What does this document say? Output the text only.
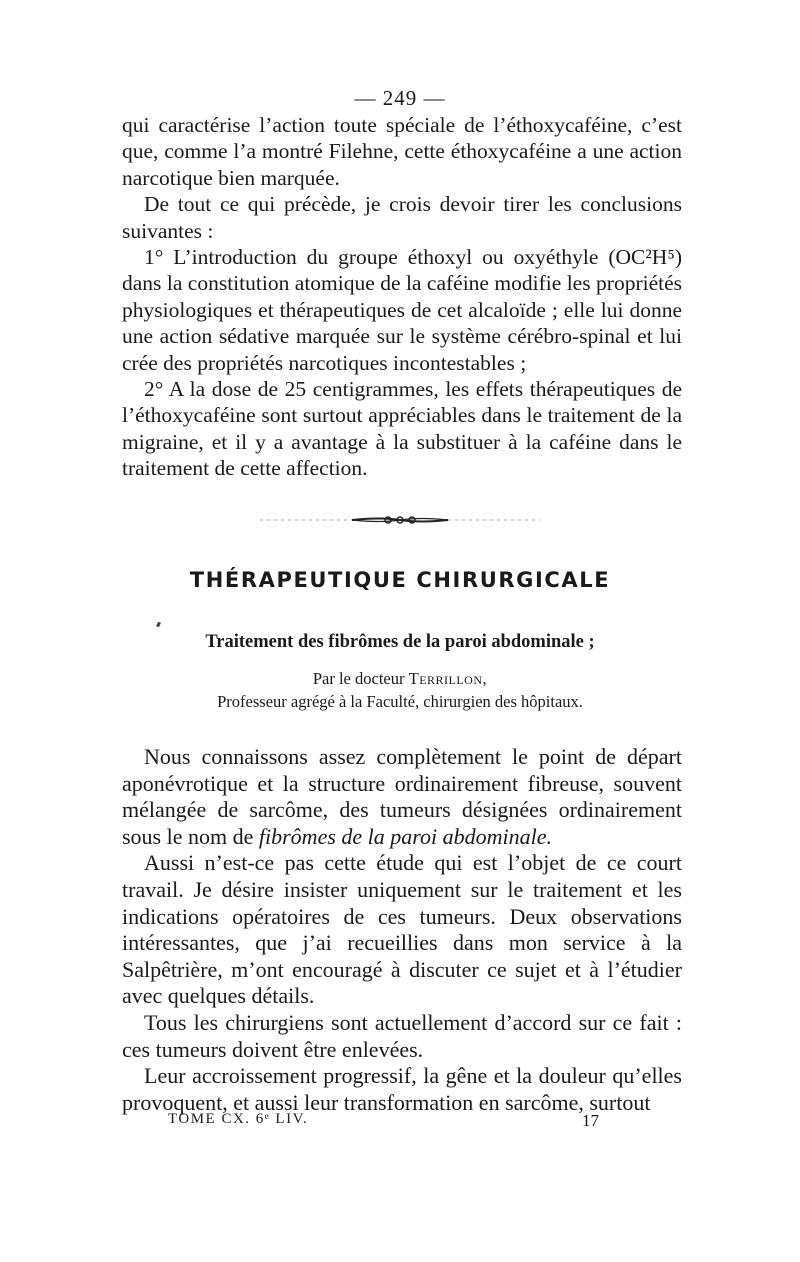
— 249 —

qui caractérise l’action toute spéciale de l’éthoxycaféine, c’est que, comme l’a montré Filehne, cette éthoxycaféine a une action narcotique bien marquée.

De tout ce qui précède, je crois devoir tirer les conclusions suivantes :

1° L’introduction du groupe éthoxyl ou oxyéthyle (OC²H⁵) dans la constitution atomique de la caféine modifie les propriétés physiologiques et thérapeutiques de cet alcaloïde ; elle lui donne une action sédative marquée sur le système cérébro-spinal et lui crée des propriétés narcotiques incontestables ;

2° A la dose de 25 centigrammes, les effets thérapeutiques de l’éthoxycaféine sont surtout appréciables dans le traitement de la migraine, et il y a avantage à la substituer à la caféine dans le traitement de cette affection.

THÉRAPEUTIQUE CHIRURGICALE
Traitement des fibrômes de la paroi abdominale ;
Par le docteur Terrillon,
Professeur agrégé à la Faculté, chirurgien des hôpitaux.

Nous connaissons assez complètement le point de départ aponévrotique et la structure ordinairement fibreuse, souvent mélangée de sarcôme, des tumeurs désignées ordinairement sous le nom de fibrômes de la paroi abdominale.

Aussi n’est-ce pas cette étude qui est l’objet de ce court travail. Je désire insister uniquement sur le traitement et les indications opératoires de ces tumeurs. Deux observations intéressantes, que j’ai recueillies dans mon service à la Salpêtrière, m’ont encouragé à discuter ce sujet et à l’étudier avec quelques détails.

Tous les chirurgiens sont actuellement d’accord sur ce fait : ces tumeurs doivent être enlevées.

Leur accroissement progressif, la gêne et la douleur qu’elles provoquent, et aussi leur transformation en sarcôme, surtout

TOME CX. 6ᵉ LIV.	17
